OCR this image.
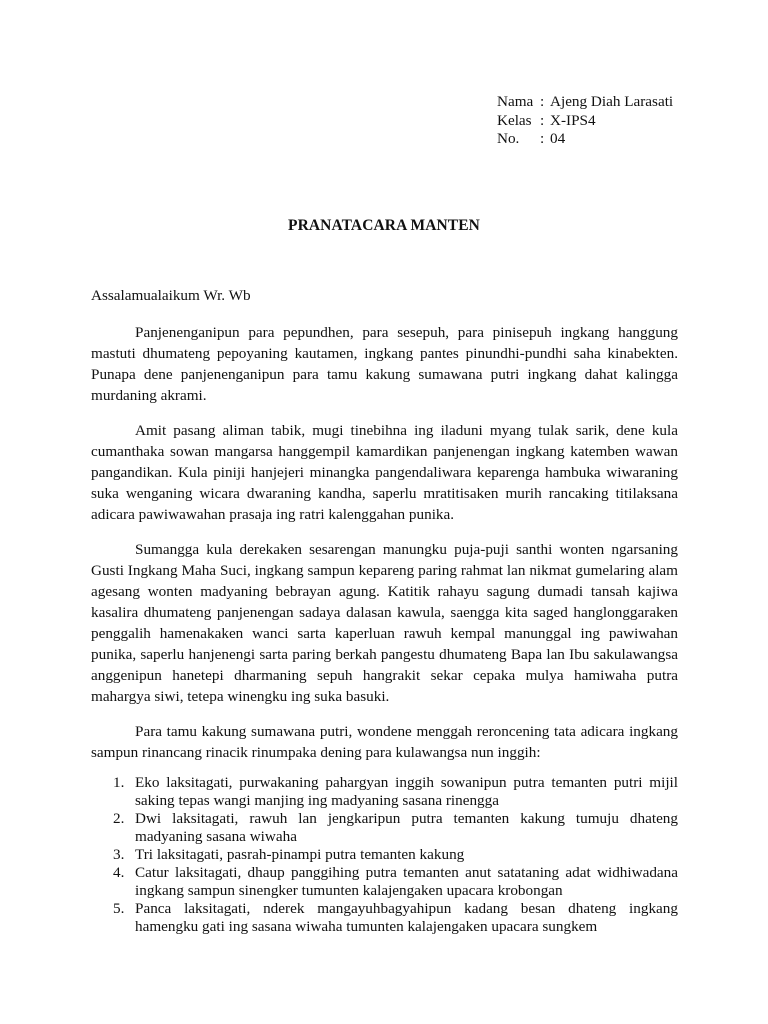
Nama : Ajeng Diah Larasati
Kelas : X-IPS4
No.	: 04
PRANATACARA MANTEN
Assalamualaikum Wr. Wb

Panjenenganipun para pepundhen, para sesepuh, para pinisepuh ingkang hanggung mastuti dhumateng pepoyaning kautamen, ingkang pantes pinundhi-pundhi saha kinabekten. Punapa dene panjenenganipun para tamu kakung sumawana putri ingkang dahat kalingga murdaning akrami.

Amit pasang aliman tabik, mugi tinebihna ing iladuni myang tulak sarik, dene kula cumanthaka sowan mangarsa hanggempil kamardikan panjenengan ingkang katemben wawan pangandikan. Kula piniji hanjejeri minangka pangendaliwara keparenga hambuka wiwaraning suka wenganing wicara dwaraning kandha, saperlu mratitisaken murih rancaking titilaksana adicara pawiwawahan prasaja ing ratri kalenggahan punika.

Sumangga kula derekaken sesarengan manungku puja-puji santhi wonten ngarsaning Gusti Ingkang Maha Suci, ingkang sampun kepareng paring rahmat lan nikmat gumelaring alam agesang wonten madyaning bebrayan agung. Katitik rahayu sagung dumadi tansah kajiwa kasalira dhumateng panjenengan sadaya dalasan kawula, saengga kita saged hanglonggaraken penggalih hamenakaken wanci sarta kaperluan rawuh kempal manunggal ing pawiwahan punika, saperlu hanjenengi sarta paring berkah pangestu dhumateng Bapa lan Ibu sakulawangsa anggenipun hanetepi dharmaning sepuh hangrakit sekar cepaka mulya hamiwaha putra mahargya siwi, tetepa winengku ing suka basuki.

Para tamu kakung sumawana putri, wondene menggah reroncening tata adicara ingkang sampun rinancang rinacik rinumpaka dening para kulawangsa nun inggih:

1. Eko laksitagati, purwakaning pahargyan inggih sowanipun putra temanten putri mijil saking tepas wangi manjing ing madyaning sasana rinengga
2. Dwi laksitagati, rawuh lan jengkaripun putra temanten kakung tumuju dhateng madyaning sasana wiwaha
3. Tri laksitagati, pasrah-pinampi putra temanten kakung
4. Catur laksitagati, dhaup panggihing putra temanten anut satataning adat widhiwadana ingkang sampun sinengker tumunten kalajengaken upacara krobongan
5. Panca laksitagati, nderek mangayuhbagyahipun kadang besan dhateng ingkang hamengku gati ing sasana wiwaha tumunten kalajengaken upacara sungkem
